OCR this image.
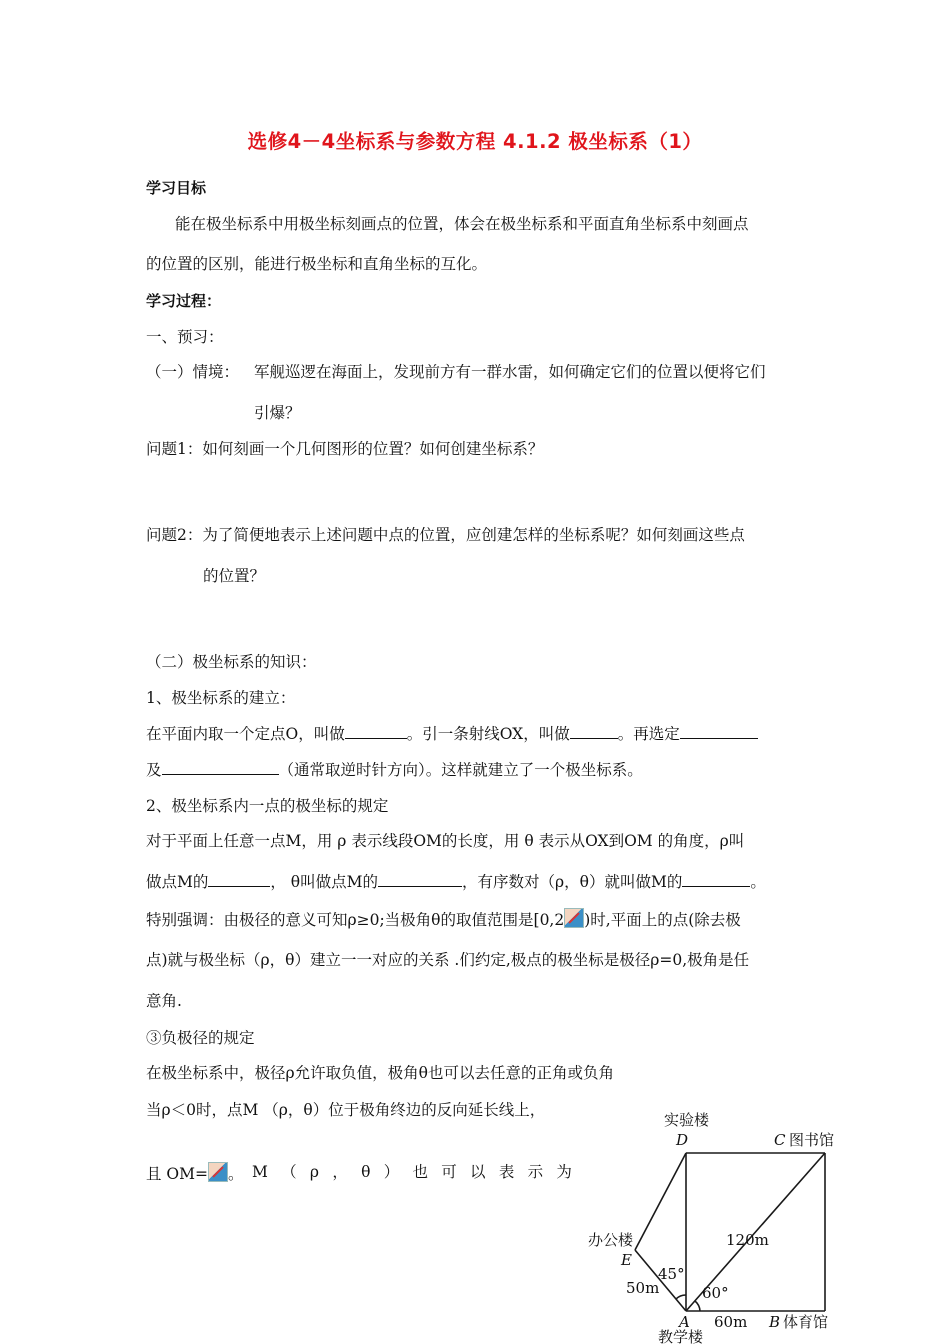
选修4－4坐标系与参数方程 4.1.2 极坐标系（1）
学习目标
能在极坐标系中用极坐标刻画点的位置，体会在极坐标系和平面直角坐标系中刻画点
的位置的区别，能进行极坐标和直角坐标的互化。
学习过程：
一、预习：
（一）情境： 军舰巡逻在海面上，发现前方有一群水雷，如何确定它们的位置以便将它们
引爆？
问题1：如何刻画一个几何图形的位置？如何创建坐标系？
问题2：为了简便地表示上述问题中点的位置，应创建怎样的坐标系呢？如何刻画这些点
的位置？
（二）极坐标系的知识：
1、极坐标系的建立：
在平面内取一个定点O，叫做	。引一条射线OX，叫做	。再选定
及	（通常取逆时针方向）。这样就建立了一个极坐标系。
2、极坐标系内一点的极坐标的规定
对于平面上任意一点M，用 ρ 表示线段OM的长度，用 θ 表示从OX到OM 的角度，ρ叫
做点M的	， θ叫做点M的	，有序数对（ρ，θ）就叫做M的	。
特别强调：由极径的意义可知ρ≥0;当极角θ的取值范围是[0,2 )时,平面上的点(除去极
点)就与极坐标（ρ，θ）建立一一对应的关系 .们约定,极点的极坐标是极径ρ=0,极角是任
意角.
③负极径的规定
在极坐标系中，极径ρ允许取负值，极角θ也可以去任意的正角或负角
当ρ＜0时，点M （ρ，θ）位于极角终边的反向延长线上，
且 OM= 。 M （ ρ ， θ ） 也 可 以 表 示 为
实验楼
D	C 图书馆
办公楼
E
120m
45°
50m	60°
A 60m B 体育馆
教学楼
